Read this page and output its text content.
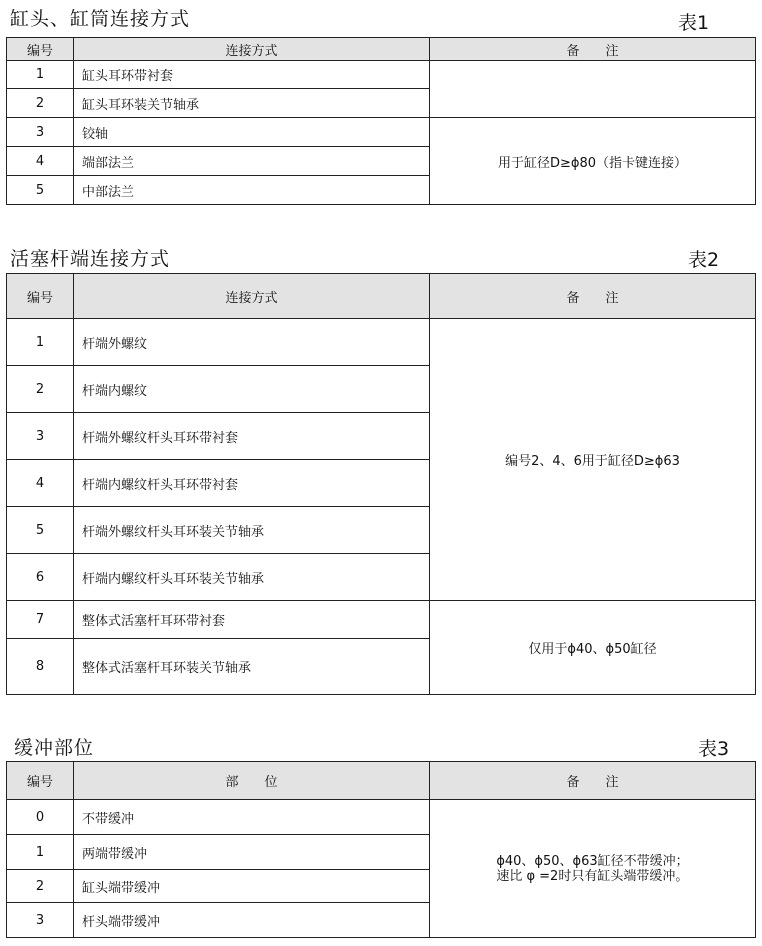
缸头、缸筒连接方式	表1
编号	连接方式	备　　注
1	缸头耳环带衬套	
2	缸头耳环装关节轴承	
3	铰轴	用于缸径D≥ϕ80（指卡键连接）
4	端部法兰	
5	中部法兰	
活塞杆端连接方式	表2
编号	连接方式	备　　注
1	杆端外螺纹	编号2、4、6用于缸径D≥ϕ63
2	杆端内螺纹	
3	杆端外螺纹杆头耳环带衬套	
4	杆端内螺纹杆头耳环带衬套	
5	杆端外螺纹杆头耳环装关节轴承	
6	杆端内螺纹杆头耳环装关节轴承	
7	整体式活塞杆耳环带衬套	仅用于ϕ40、ϕ50缸径
8	整体式活塞杆耳环装关节轴承	
缓冲部位	表3
编号	部　　位	备　　注
0	不带缓冲	ϕ40、ϕ50、ϕ63缸径不带缓冲；
速比 φ =2时只有缸头端带缓冲。
1	两端带缓冲	
2	缸头端带缓冲	
3	杆头端带缓冲	
